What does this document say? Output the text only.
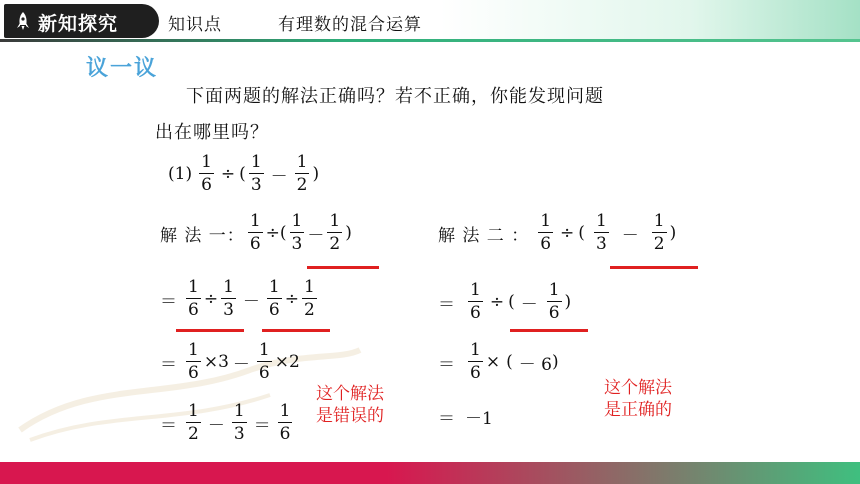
新知探究	知识点	有理数的混合运算
议一议
下面两题的解法正确吗？若不正确，你能发现问题
出在哪里吗？
$(1) \frac{1}{6}$ ÷ ( $\frac{1}{3} - \frac{1}{2}$ )
解 法 一： $\frac{1}{6}$ ÷ ( $\frac{1}{3} - \frac{1}{2}$ )
＝ $\frac{1}{6} \div \frac{1}{3} - \frac{1}{6} \div \frac{1}{2}$
＝ $\frac{1}{6} \times 3 - \frac{1}{6} \times 2$
这个解法
是错误的
＝ $\frac{1}{2} - \frac{1}{3} = \frac{1}{6}$
解 法 二 ： $\frac{1}{6}$ ÷ ( $\frac{1}{3} - \frac{1}{2}$ )
＝ $\frac{1}{6}$ ÷ ( － $\frac{1}{6}$ )
＝ $\frac{1}{6}$ × ( － 6 )
这个解法
是正确的
＝ －1
